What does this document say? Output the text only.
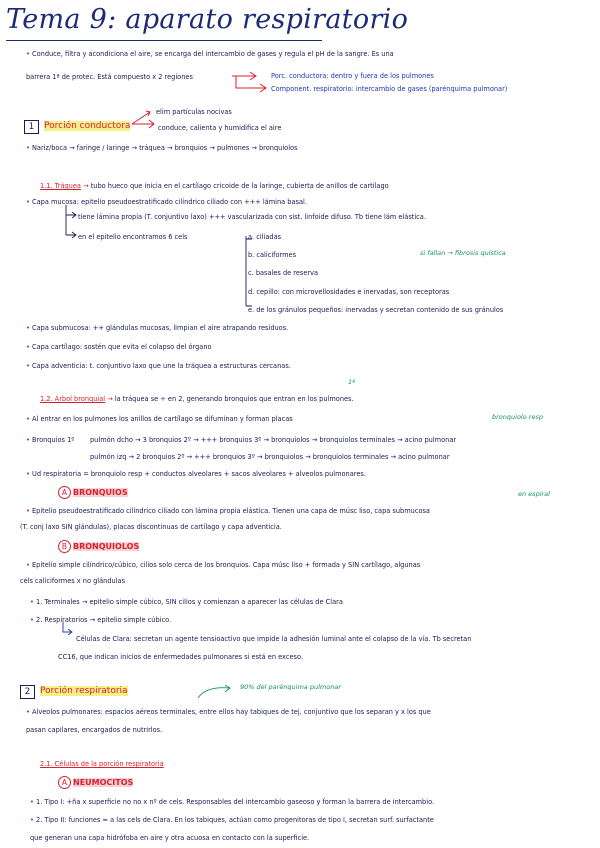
Tema 9: aparato respiratorio
• Conduce, filtra y acondiciona el aire, se encarga del intercambio de gases y regula el pH de la sangre. Es una
barrera 1ª de protec. Está compuesto x 2 regiones	Porc. conductora: dentro y fuera de los pulmones
Component. respiratorio: intercambio de gases (parénquima pulmonar)
1	Porción conductora
elim partículas nocivas
conduce, calienta y humidifica el aire
• Nariz/boca → faringe / laringe → tráquea → bronquios → pulmones → bronquiolos
1.1. Tráquea → tubo hueco que inicia en el cartílago cricoide de la laringe, cubierta de anillos de cartílago
• Capa mucosa: epitelio pseudoestratificado cilíndrico ciliado con +++ lámina basal.
tiene lámina propia (T. conjuntivo laxo) +++ vascularizada con sist. linfoide difuso. Tb tiene lám elástica.
en el epitelio encontramos 6 cels	a. ciliadas
b. caliciformes
c. basales de reserva
d. cepillo: con microvellosidades e inervadas, son receptoras
e. de los gránulos pequeños: inervadas y secretan contenido de sus gránulos
si fallan → fibrosis quística
• Capa submucosa: ++ glándulas mucosas, limpian el aire atrapando residuos.
• Capa cartílago: sostén que evita el colapso del órgano
• Capa adventicia: t. conjuntivo laxo que une la tráquea a estructuras cercanas.
1º
1.2. Árbol bronquial → la tráquea se ÷ en 2, generando bronquios que entran en los pulmones.
• Al entrar en los pulmones los anillos de cartílago se difuminan y forman placas	bronquiolo resp
• Bronquios 1º pulmón dcho → 3 bronquios 2º → +++ bronquios 3º → bronquiolos → bronquiolos terminales → acino pulmonar
pulmón izq → 2 bronquios 2º → +++ bronquios 3º → bronquiolos → bronquiolos terminales → acino pulmonar
• Ud respiratoria = bronquiolo resp + conductos alveolares + sacos alveolares + alveolos pulmonares.
A BRONQUIOS	en espiral
• Epitelio pseudoestratificado cilíndrico ciliado con lámina propia elástica. Tienen una capa de músc liso, capa submucosa
(T. conj laxo SIN glándulas), placas discontinuas de cartílago y capa adventicia.
B BRONQUIOLOS
• Epitelio simple cilíndrico/cúbico, cilios solo cerca de los bronquios. Capa músc liso + formada y SIN cartílago, algunas
céls caliciformes x no glándulas
• 1. Terminales → epitelio simple cúbico, SIN cilios y comienzan a aparecer las células de Clara
• 2. Respiratorios → epitelio simple cúbico.
Células de Clara: secretan un agente tensioactivo que impide la adhesión luminal ante el colapso de la vía. Tb secretan
CC16, que indican inicios de enfermedades pulmonares si está en exceso.
2	Porción respiratoria	90% del parénquima pulmonar
• Alveolos pulmonares: espacios aéreos terminales, entre ellos hay tabiques de tej. conjuntivo que los separan y x los que
pasan capilares, encargados de nutrirlos.
2.1. Células de la porción respiratoria
A NEUMOCITOS
• 1. Tipo I: +ña x superficie no no x nº de cels. Responsables del intercambio gaseoso y forman la barrera de intercambio.
• 2. Tipo II: funciones ≈ a las cels de Clara. En los tabiques, actúan como progenitoras de tipo I, secretan surf. surfactante
que generan una capa hidrófoba en aire y otra acuosa en contacto con la superficie.
